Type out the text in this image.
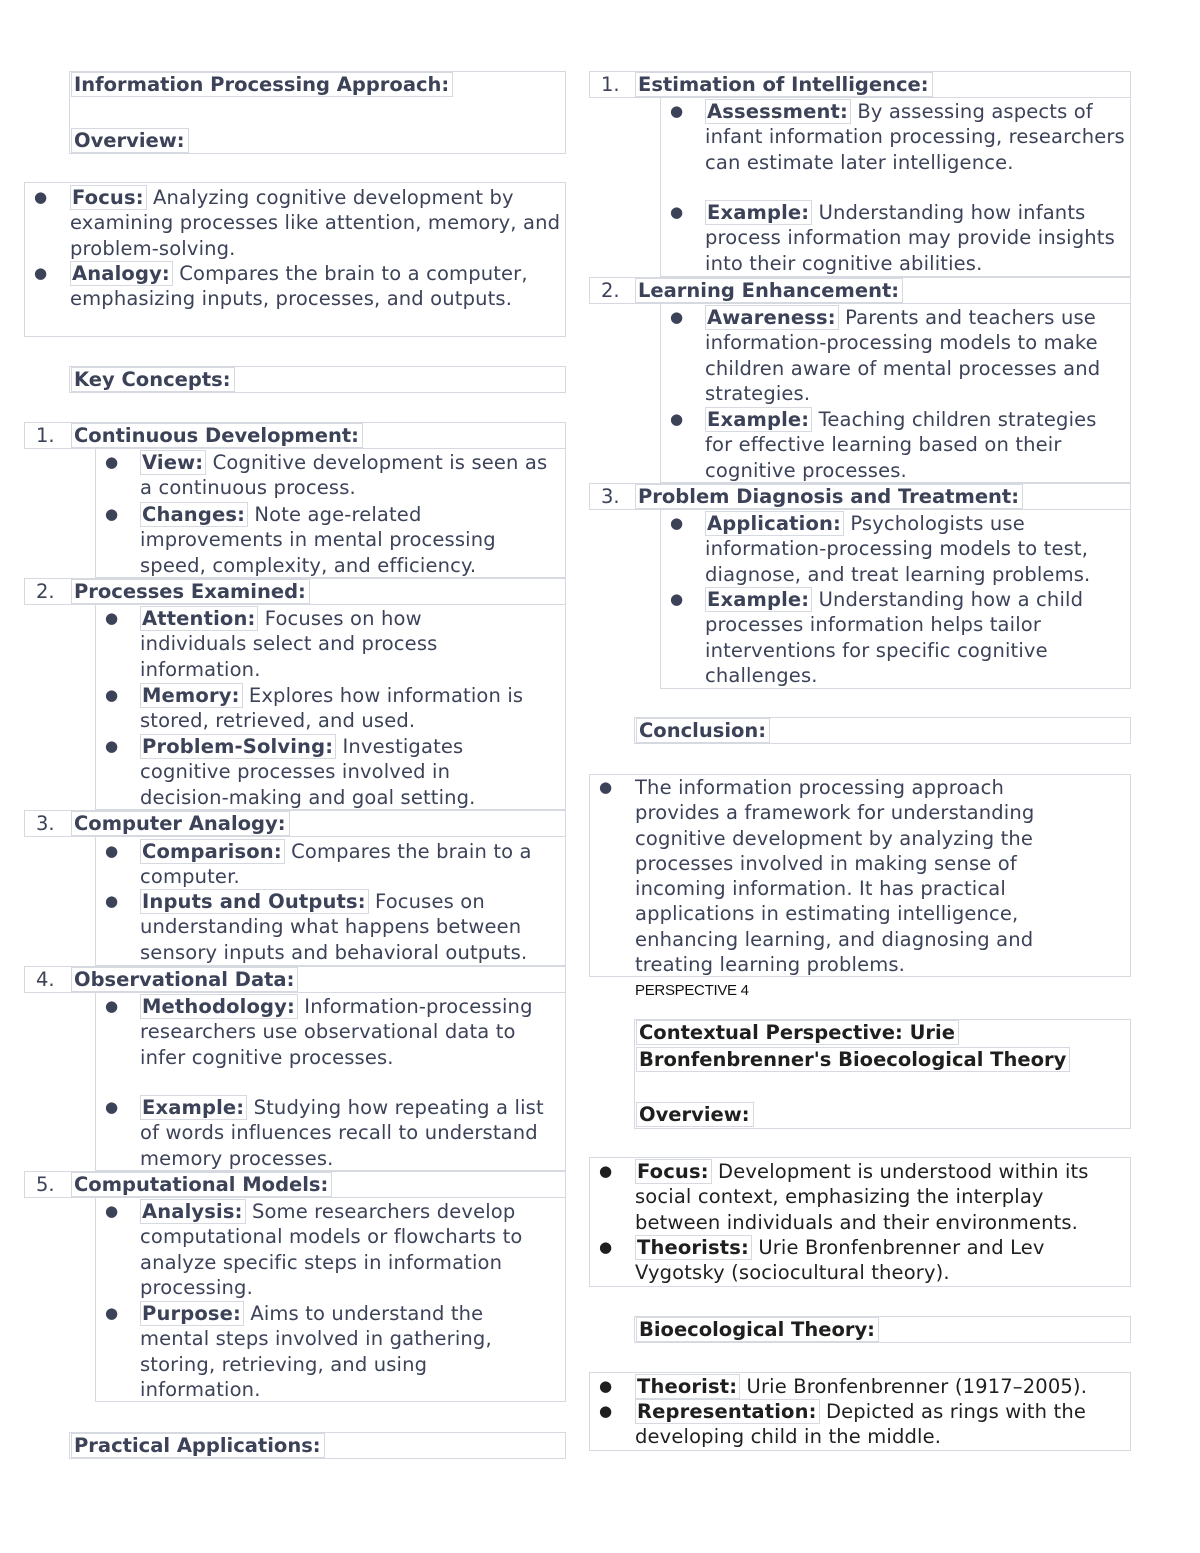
Information Processing Approach:
Overview:
● Focus: Analyzing cognitive development by examining processes like attention, memory, and problem-solving.
● Analogy: Compares the brain to a computer, emphasizing inputs, processes, and outputs.
Key Concepts:
1. Continuous Development:
● View: Cognitive development is seen as a continuous process.
● Changes: Note age-related improvements in mental processing speed, complexity, and efficiency.
2. Processes Examined:
● Attention: Focuses on how individuals select and process information.
● Memory: Explores how information is stored, retrieved, and used.
● Problem-Solving: Investigates cognitive processes involved in decision-making and goal setting.
3. Computer Analogy:
● Comparison: Compares the brain to a computer.
● Inputs and Outputs: Focuses on understanding what happens between sensory inputs and behavioral outputs.
4. Observational Data:
● Methodology: Information-processing researchers use observational data to infer cognitive processes.
● Example: Studying how repeating a list of words influences recall to understand memory processes.
5. Computational Models:
● Analysis: Some researchers develop computational models or flowcharts to analyze specific steps in information processing.
● Purpose: Aims to understand the mental steps involved in gathering, storing, retrieving, and using information.
Practical Applications:
1. Estimation of Intelligence:
● Assessment: By assessing aspects of infant information processing, researchers can estimate later intelligence.
● Example: Understanding how infants process information may provide insights into their cognitive abilities.
2. Learning Enhancement:
● Awareness: Parents and teachers use information-processing models to make children aware of mental processes and strategies.
● Example: Teaching children strategies for effective learning based on their cognitive processes.
3. Problem Diagnosis and Treatment:
● Application: Psychologists use information-processing models to test, diagnose, and treat learning problems.
● Example: Understanding how a child processes information helps tailor interventions for specific cognitive challenges.
Conclusion:
● The information processing approach provides a framework for understanding cognitive development by analyzing the processes involved in making sense of incoming information. It has practical applications in estimating intelligence, enhancing learning, and diagnosing and treating learning problems.
PERSPECTIVE 4
Contextual Perspective: Urie
Bronfenbrenner's Bioecological Theory
Overview:
● Focus: Development is understood within its social context, emphasizing the interplay between individuals and their environments.
● Theorists: Urie Bronfenbrenner and Lev Vygotsky (sociocultural theory).
Bioecological Theory:
● Theorist: Urie Bronfenbrenner (1917–2005).
● Representation: Depicted as rings with the developing child in the middle.
